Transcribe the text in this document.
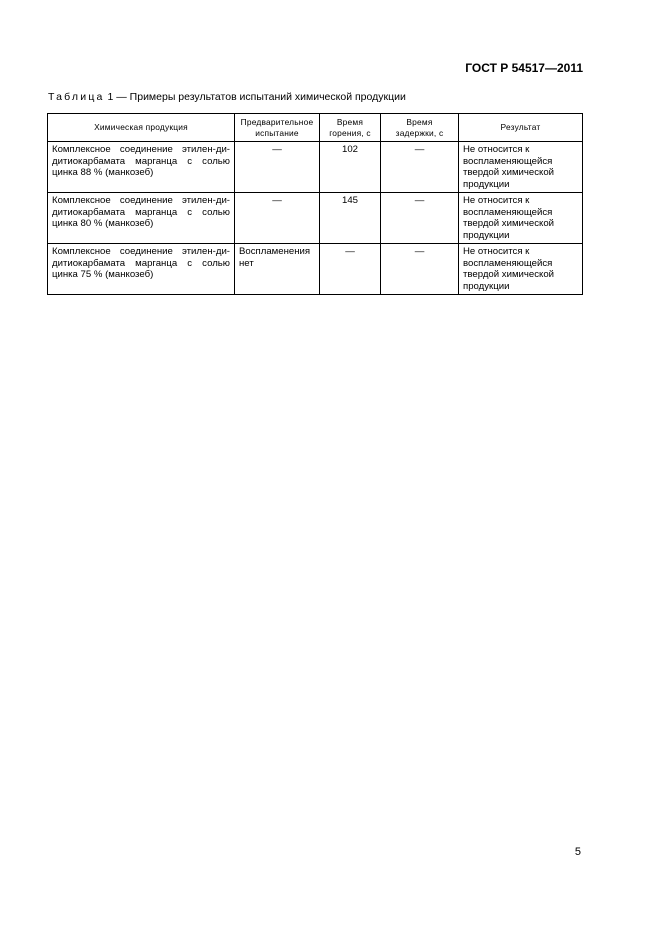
ГОСТ Р 54517—2011
Таблица 1 — Примеры результатов испытаний химической продукции
Химическая продукция	Предварительное испытание	Время горения, с	Время задержки, с	Результат
Комплексное соединение этилен-ди-дитиокарбамата марганца с солью цинка 88 % (манкозеб)	—	102	—	Не относится к воспламеняющейся твердой химической продукции
Комплексное соединение этилен-ди-дитиокарбамата марганца с солью цинка 80 % (манкозеб)	—	145	—	Не относится к воспламеняющейся твердой химической продукции
Комплексное соединение этилен-ди-дитиокарбамата марганца с солью цинка 75 % (манкозеб)	Воспламенения нет	—	—	Не относится к воспламеняющейся твердой химической продукции
5
